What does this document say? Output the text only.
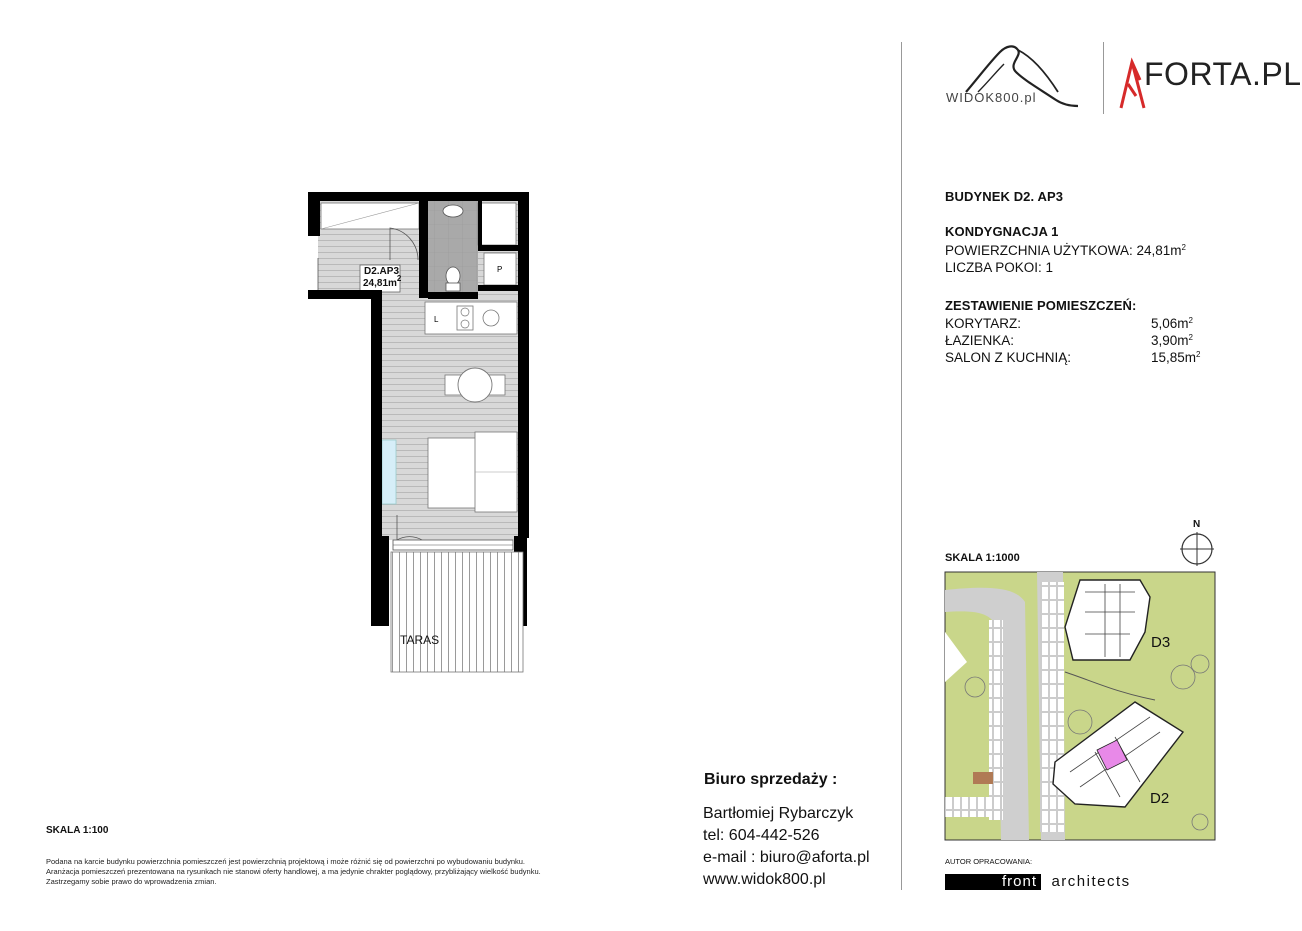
WIDOK800.pl
FORTA.PL
P
L
D2.AP3
$24,81m^2$
TARAS
SKALA 1:100
BUDYNEK D2. AP3
KONDYGNACJA 1
POWIERZCHNIA UŻYTKOWA: $24,81m^2$
LICZBA POKOI: 1
ZESTAWIENIE POMIESZCZEŃ:
KORYTARZ:	$5,06m^2$
ŁAZIENKA:	$3,90m^2$
SALON Z KUCHNIĄ:	$15,85m^2$
SKALA 1:1000
N
D3
D2
Biuro sprzedaży :
Bartłomiej Rybarczyk
tel: 604-442-526
e-mail : biuro@aforta.pl
www.widok800.pl
Podana na karcie budynku powierzchnia pomieszczeń jest powierzchnią projektową i może różnić się od powierzchni po wybudowaniu budynku.
Aranżacja pomieszczeń prezentowana na rysunkach nie stanowi oferty handlowej, a ma jedynie chrakter poglądowy, przybliżający wielkość budynku.
Zastrzegamy sobie prawo do wprowadzenia zmian.
AUTOR OPRACOWANIA:
front architects
